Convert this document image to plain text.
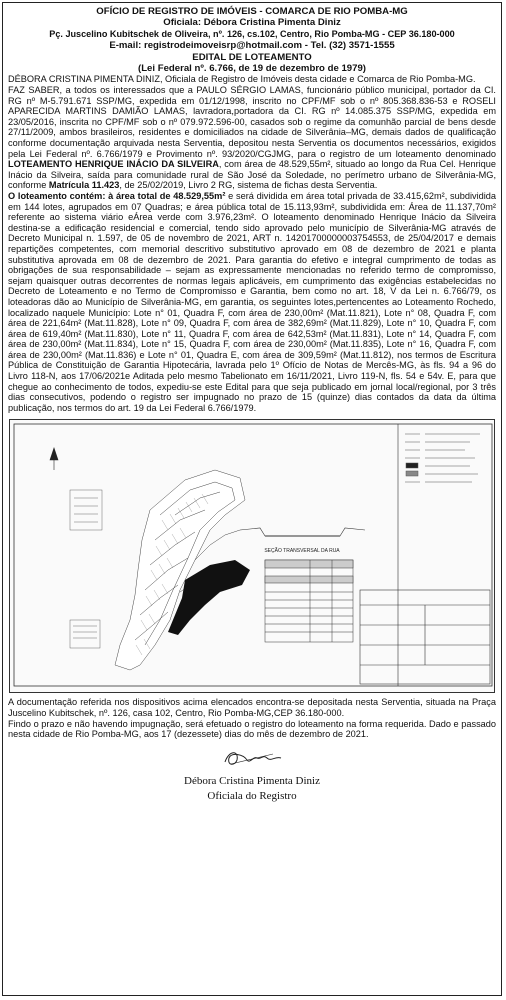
OFÍCIO DE REGISTRO DE IMÓVEIS - COMARCA DE RIO POMBA-MG
Oficiala: Débora Cristina Pimenta Diniz
Pç. Juscelino Kubitschek de Oliveira, nº. 126, cs.102, Centro, Rio Pomba-MG - CEP 36.180-000
E-mail: registrodeimoveisrp@hotmail.com - Tel. (32) 3571-1555
EDITAL DE LOTEAMENTO
(Lei Federal nº. 6.766, de 19 de dezembro de 1979)

DÉBORA CRISTINA PIMENTA DINIZ, Oficiala de Registro de Imóveis desta cidade e Comarca de Rio Pomba-MG.

FAZ SABER, a todos os interessados que a PAULO SÉRGIO LAMAS, funcionário público municipal, portador da CI. RG nº M-5.791.671 SSP/MG, expedida em 01/12/1998, inscrito no CPF/MF sob o nº 805.368.836-53 e ROSELI APARECIDA MARTINS DAMIÃO LAMAS, lavradora,portadora da CI. RG nº 14.085.375 SSP/MG, expedida em 23/05/2016, inscrita no CPF/MF sob o nº 079.972.596-00, casados sob o regime da comunhão parcial de bens desde 27/11/2009, ambos brasileiros, residentes e domiciliados na cidade de Silverânia–MG, demais dados de qualificação conforme documentação arquivada nesta Serventia, depositou nesta Serventia os documentos necessários, exigidos pela Lei Federal nº. 6.766/1979 e Provimento nº. 93/2020/CGJMG, para o registro de um loteamento denominado LOTEAMENTO HENRIQUE INÁCIO DA SILVEIRA, com área de 48.529,55m², situado ao longo da Rua Cel. Henrique Inácio da Silveira, saída para comunidade rural de São José da Soledade, no perímetro urbano de Silverânia-MG, conforme Matrícula 11.423, de 25/02/2019, Livro 2 RG, sistema de fichas desta Serventia.

O loteamento contém: à área total de 48.529,55m² e será dividida em área total privada de 33.415,62m², subdividida em 144 lotes, agrupados em 07 Quadras; e área pública total de 15.113,93m², subdividida em: Área de 11.137,70m² referente ao sistema viário eÁrea verde com 3.976,23m². O loteamento denominado Henrique Inácio da Silveira destina-se a edificação residencial e comercial, tendo sido aprovado pelo município de Silverânia-MG através de Decreto Municipal n. 1.597, de 05 de novembro de 2021, ART n. 14201700000003754553, de 25/04/2017 e demais repartições competentes, com memorial descritivo substitutivo aprovado em 08 de dezembro de 2021 e planta substitutiva aprovada em 08 de dezembro de 2021. Para garantia do efetivo e integral cumprimento de todas as obrigações de sua responsabilidade – sejam as expressamente mencionadas no referido termo de compromisso, sejam quaisquer outras decorrentes de normas legais aplicáveis, em cumprimento das exigências estabelecidas no Decreto de Loteamento e no Termo de Compromisso e Garantia, bem como no art. 18, V da Lei n. 6.766/79, os loteadoras dão ao Município de Silverânia-MG, em garantia, os seguintes lotes,pertencentes ao Loteamento Rochedo, localizado naquele Município: Lote n° 01, Quadra F, com área de 230,00m² (Mat.11.821), Lote n° 08, Quadra F, com área de 221,64m² (Mat.11.828), Lote n° 09, Quadra F, com área de 382,69m² (Mat.11.829), Lote n° 10, Quadra F, com área de 619,40m² (Mat.11.830), Lote n° 11, Quadra F, com área de 642,53m² (Mat.11.831), Lote n° 14, Quadra F, com área de 230,00m² (Mat.11.834), Lote n° 15, Quadra F, com área de 230,00m² (Mat.11.835), Lote n° 16, Quadra F, com área de 230,00m² (Mat.11.836) e Lote n° 01, Quadra E, com área de 309,59m² (Mat.11.812), nos termos de Escritura Pública de Constituição de Garantia Hipotecária, lavrada pelo 1º Ofício de Notas de Mercês-MG, às fls. 94 a 96 do Livro 118-N, aos 17/06/2021e Aditada pelo mesmo Tabelionato em 16/11/2021, Livro 119-N, fls. 54 e 54v. E, para que chegue ao conhecimento de todos, expediu-se este Edital para que seja publicado em jornal local/regional, por 3 três dias consecutivos, podendo o registro ser impugnado no prazo de 15 (quinze) dias contados da data da última publicação, nos termos do art. 19 da Lei Federal 6.766/1979.

SEÇÃO TRANSVERSAL DA RUA

A documentação referida nos dispositivos acima elencados encontra-se depositada nesta Serventia, situada na Praça Juscelino Kubitschek, nº. 126, casa 102, Centro, Rio Pomba-MG,CEP 36.180-000.

Findo o prazo e não havendo impugnação, será efetuado o registro do loteamento na forma requerida. Dado e passado nesta cidade de Rio Pomba-MG, aos 17 (dezessete) dias do mês de dezembro de 2021.

Débora Cristina Pimenta Diniz
Oficiala do Registro
